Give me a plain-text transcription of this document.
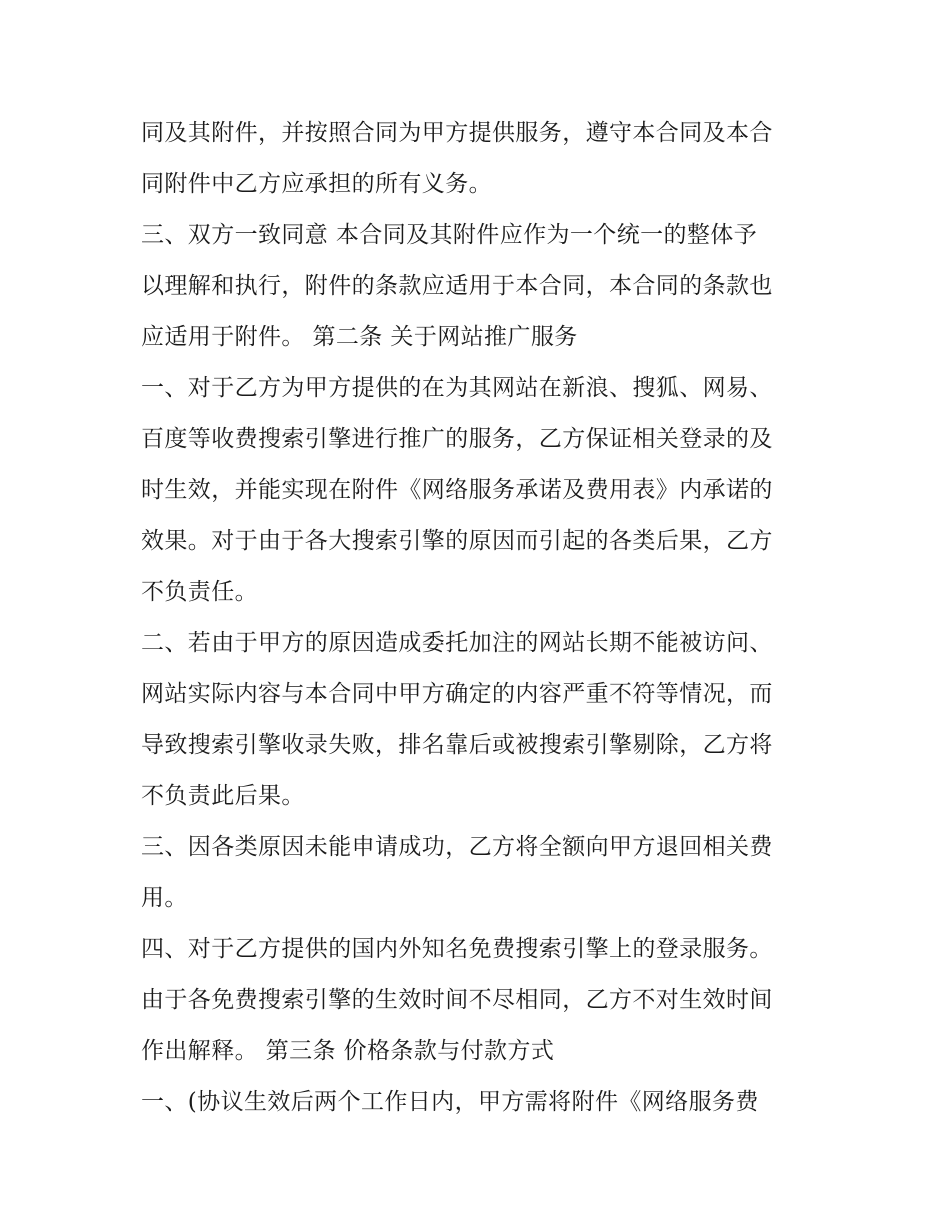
同及其附件，并按照合同为甲方提供服务，遵守本合同及本合
同附件中乙方应承担的所有义务。
三、双方一致同意 本合同及其附件应作为一个统一的整体予
以理解和执行，附件的条款应适用于本合同，本合同的条款也
应适用于附件。 第二条 关于网站推广服务
一、对于乙方为甲方提供的在为其网站在新浪、搜狐、网易、
百度等收费搜索引擎进行推广的服务，乙方保证相关登录的及
时生效，并能实现在附件《网络服务承诺及费用表》内承诺的
效果。对于由于各大搜索引擎的原因而引起的各类后果，乙方
不负责任。
二、若由于甲方的原因造成委托加注的网站长期不能被访问、
网站实际内容与本合同中甲方确定的内容严重不符等情况，而
导致搜索引擎收录失败，排名靠后或被搜索引擎剔除，乙方将
不负责此后果。
三、因各类原因未能申请成功，乙方将全额向甲方退回相关费
用。
四、对于乙方提供的国内外知名免费搜索引擎上的登录服务。
由于各免费搜索引擎的生效时间不尽相同，乙方不对生效时间
作出解释。 第三条 价格条款与付款方式
一、(协议生效后两个工作日内，甲方需将附件《网络服务费
